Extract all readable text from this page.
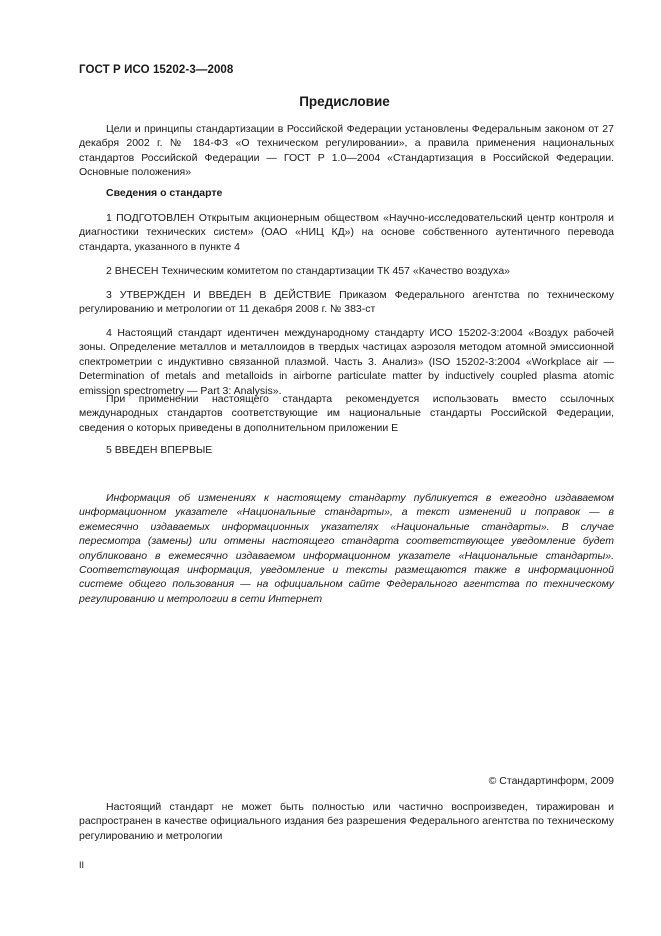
ГОСТ Р ИСО 15202-3—2008
Предисловие

Цели и принципы стандартизации в Российской Федерации установлены Федеральным законом от 27 декабря 2002 г. № 184-ФЗ «О техническом регулировании», а правила применения национальных стандартов Российской Федерации — ГОСТ Р 1.0—2004 «Стандартизация в Российской Федерации. Основные положения»

Сведения о стандарте

1 ПОДГОТОВЛЕН Открытым акционерным обществом «Научно-исследовательский центр контроля и диагностики технических систем» (ОАО «НИЦ КД») на основе собственного аутентичного перевода стандарта, указанного в пункте 4

2 ВНЕСЕН Техническим комитетом по стандартизации ТК 457 «Качество воздуха»

3 УТВЕРЖДЕН И ВВЕДЕН В ДЕЙСТВИЕ Приказом Федерального агентства по техническому регулированию и метрологии от 11 декабря 2008 г. № 383-ст

4 Настоящий стандарт идентичен международному стандарту ИСО 15202-3:2004 «Воздух рабочей зоны. Определение металлов и металлоидов в твердых частицах аэрозоля методом атомной эмиссионной спектрометрии с индуктивно связанной плазмой. Часть 3. Анализ» (ISO 15202-3:2004 «Workplace air — Determination of metals and metalloids in airborne particulate matter by inductively coupled plasma atomic emission spectrometry — Part 3: Analysis».

При применении настоящего стандарта рекомендуется использовать вместо ссылочных международных стандартов соответствующие им национальные стандарты Российской Федерации, сведения о которых приведены в дополнительном приложении Е

5 ВВЕДЕН ВПЕРВЫЕ

Информация об изменениях к настоящему стандарту публикуется в ежегодно издаваемом информационном указателе «Национальные стандарты», а текст изменений и поправок — в ежемесячно издаваемых информационных указателях «Национальные стандарты». В случае пересмотра (замены) или отмены настоящего стандарта соответствующее уведомление будет опубликовано в ежемесячно издаваемом информационном указателе «Национальные стандарты». Соответствующая информация, уведомление и тексты размещаются также в информационной системе общего пользования — на официальном сайте Федерального агентства по техническому регулированию и метрологии в сети Интернет

© Стандартинформ, 2009

Настоящий стандарт не может быть полностью или частично воспроизведен, тиражирован и распространен в качестве официального издания без разрешения Федерального агентства по техническому регулированию и метрологии

II
